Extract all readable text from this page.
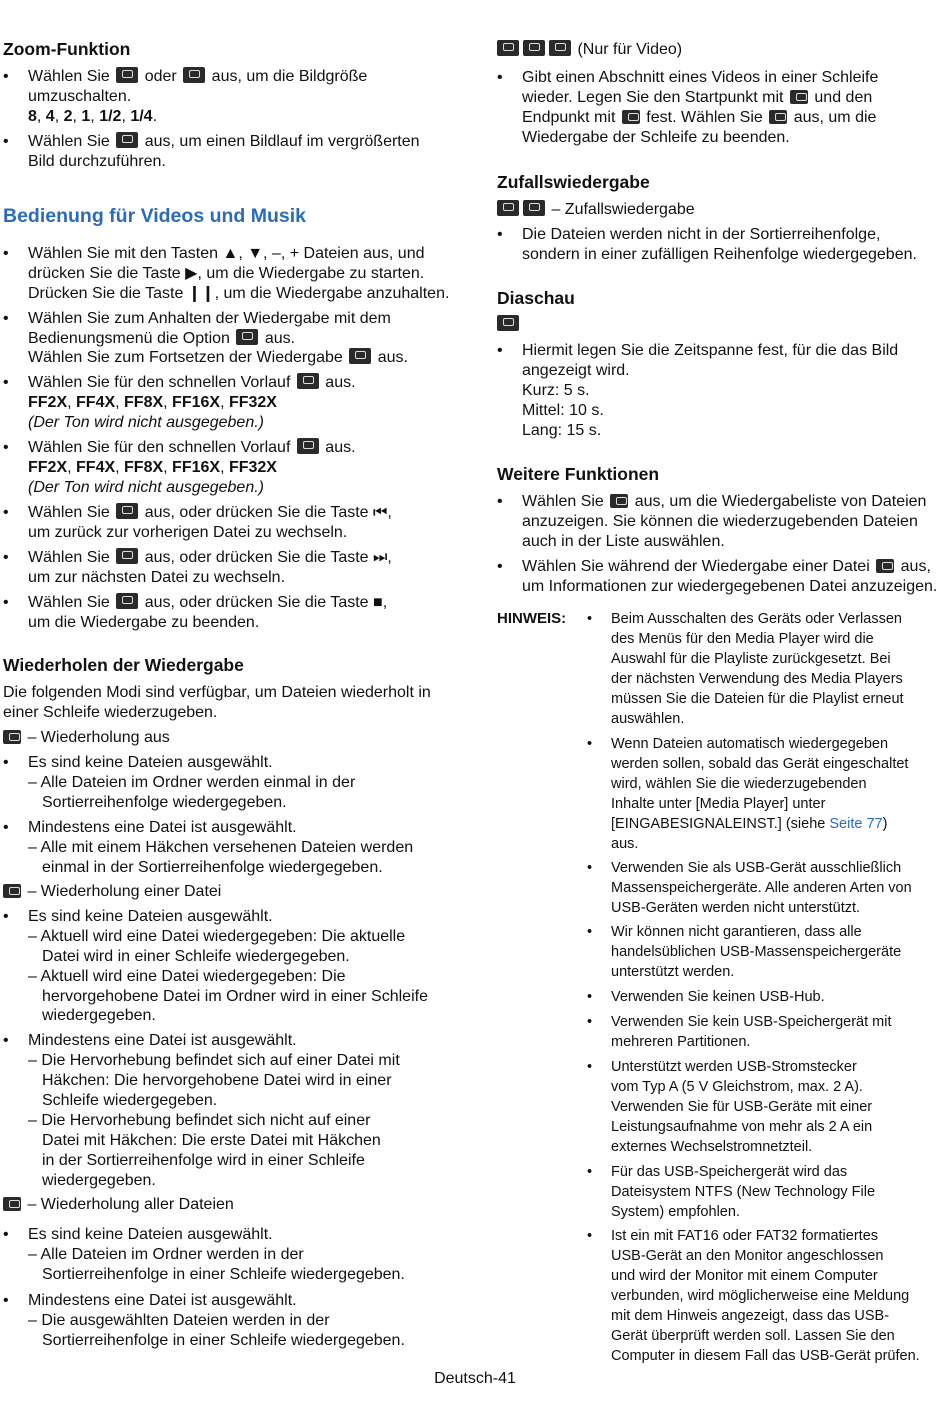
Zoom-Funktion
• Wählen Sie oder aus, um die Bildgröße
umzuschalten.
8, 4, 2, 1, 1/2, 1/4.
• Wählen Sie aus, um einen Bildlauf im vergrößerten
Bild durchzuführen.
Bedienung für Videos und Musik
• Wählen Sie mit den Tasten ▲, ▼, –, + Dateien aus, und
drücken Sie die Taste ▶, um die Wiedergabe zu starten.
Drücken Sie die Taste ❙❙, um die Wiedergabe anzuhalten.
• Wählen Sie zum Anhalten der Wiedergabe mit dem
Bedienungsmenü die Option aus.
Wählen Sie zum Fortsetzen der Wiedergabe aus.
• Wählen Sie für den schnellen Vorlauf aus.
FF2X, FF4X, FF8X, FF16X, FF32X
(Der Ton wird nicht ausgegeben.)
• Wählen Sie für den schnellen Vorlauf aus.
FF2X, FF4X, FF8X, FF16X, FF32X
(Der Ton wird nicht ausgegeben.)
• Wählen Sie aus, oder drücken Sie die Taste ⏮,
um zurück zur vorherigen Datei zu wechseln.
• Wählen Sie aus, oder drücken Sie die Taste ⏭,
um zur nächsten Datei zu wechseln.
• Wählen Sie aus, oder drücken Sie die Taste ■,
um die Wiedergabe zu beenden.
Wiederholen der Wiedergabe
Die folgenden Modi sind verfügbar, um Dateien wiederholt in
einer Schleife wiederzugeben.
– Wiederholung aus
• Es sind keine Dateien ausgewählt.
– Alle Dateien im Ordner werden einmal in der
Sortierreihenfolge wiedergegeben.
• Mindestens eine Datei ist ausgewählt.
– Alle mit einem Häkchen versehenen Dateien werden
einmal in der Sortierreihenfolge wiedergegeben.
– Wiederholung einer Datei
• Es sind keine Dateien ausgewählt.
– Aktuell wird eine Datei wiedergegeben: Die aktuelle
Datei wird in einer Schleife wiedergegeben.
– Aktuell wird eine Datei wiedergegeben: Die
hervorgehobene Datei im Ordner wird in einer Schleife
wiedergegeben.
• Mindestens eine Datei ist ausgewählt.
– Die Hervorhebung befindet sich auf einer Datei mit
Häkchen: Die hervorgehobene Datei wird in einer
Schleife wiedergegeben.
– Die Hervorhebung befindet sich nicht auf einer
Datei mit Häkchen: Die erste Datei mit Häkchen
in der Sortierreihenfolge wird in einer Schleife
wiedergegeben.
– Wiederholung aller Dateien
• Es sind keine Dateien ausgewählt.
– Alle Dateien im Ordner werden in der
Sortierreihenfolge in einer Schleife wiedergegeben.
• Mindestens eine Datei ist ausgewählt.
– Die ausgewählten Dateien werden in der
Sortierreihenfolge in einer Schleife wiedergegeben.
(Nur für Video)
• Gibt einen Abschnitt eines Videos in einer Schleife
wieder. Legen Sie den Startpunkt mit und den
Endpunkt mit fest. Wählen Sie aus, um die
Wiedergabe der Schleife zu beenden.
Zufallswiedergabe
– Zufallswiedergabe
• Die Dateien werden nicht in der Sortierreihenfolge,
sondern in einer zufälligen Reihenfolge wiedergegeben.
Diaschau
• Hiermit legen Sie die Zeitspanne fest, für die das Bild
angezeigt wird.
Kurz: 5 s.
Mittel: 10 s.
Lang: 15 s.
Weitere Funktionen
• Wählen Sie aus, um die Wiedergabeliste von Dateien
anzuzeigen. Sie können die wiederzugebenden Dateien
auch in der Liste auswählen.
• Wählen Sie während der Wiedergabe einer Datei aus,
um Informationen zur wiedergegebenen Datei anzuzeigen.
HINWEIS: • Beim Ausschalten des Geräts oder Verlassen
des Menüs für den Media Player wird die
Auswahl für die Playliste zurückgesetzt. Bei
der nächsten Verwendung des Media Players
müssen Sie die Dateien für die Playlist erneut
auswählen.
• Wenn Dateien automatisch wiedergegeben
werden sollen, sobald das Gerät eingeschaltet
wird, wählen Sie die wiederzugebenden
Inhalte unter [Media Player] unter
[EINGABESIGNALEINST.] (siehe Seite 77)
aus.
• Verwenden Sie als USB-Gerät ausschließlich
Massenspeichergeräte. Alle anderen Arten von
USB-Geräten werden nicht unterstützt.
• Wir können nicht garantieren, dass alle
handelsüblichen USB-Massenspeichergeräte
unterstützt werden.
• Verwenden Sie keinen USB-Hub.
• Verwenden Sie kein USB-Speichergerät mit
mehreren Partitionen.
• Unterstützt werden USB-Stromstecker
vom Typ A (5 V Gleichstrom, max. 2 A).
Verwenden Sie für USB-Geräte mit einer
Leistungsaufnahme von mehr als 2 A ein
externes Wechselstromnetzteil.
• Für das USB-Speichergerät wird das
Dateisystem NTFS (New Technology File
System) empfohlen.
• Ist ein mit FAT16 oder FAT32 formatiertes
USB-Gerät an den Monitor angeschlossen
und wird der Monitor mit einem Computer
verbunden, wird möglicherweise eine Meldung
mit dem Hinweis angezeigt, dass das USB-
Gerät überprüft werden soll. Lassen Sie den
Computer in diesem Fall das USB-Gerät prüfen.
Deutsch-41
